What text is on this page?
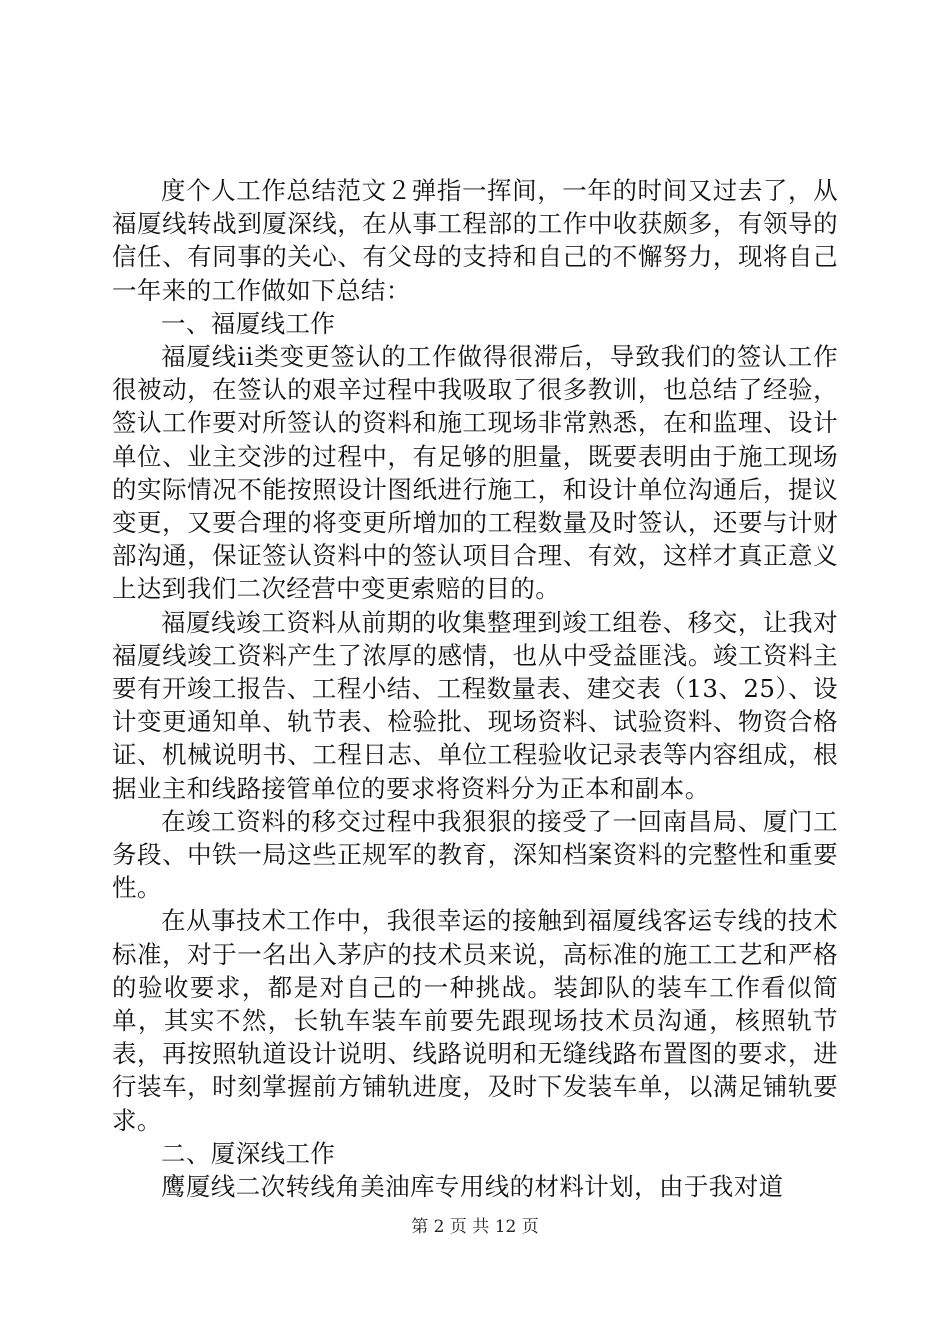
度个人工作总结范文２弹指一挥间，一年的时间又过去了，从福厦线转战到厦深线，在从事工程部的工作中收获颇多，有领导的信任、有同事的关心、有父母的支持和自己的不懈努力，现将自己一年来的工作做如下总结：

一、福厦线工作

福厦线ii类变更签认的工作做得很滞后，导致我们的签认工作很被动，在签认的艰辛过程中我吸取了很多教训，也总结了经验，签认工作要对所签认的资料和施工现场非常熟悉，在和监理、设计单位、业主交涉的过程中，有足够的胆量，既要表明由于施工现场的实际情况不能按照设计图纸进行施工，和设计单位沟通后，提议变更，又要合理的将变更所增加的工程数量及时签认，还要与计财部沟通，保证签认资料中的签认项目合理、有效，这样才真正意义上达到我们二次经营中变更索赔的目的。

福厦线竣工资料从前期的收集整理到竣工组卷、移交，让我对福厦线竣工资料产生了浓厚的感情，也从中受益匪浅。竣工资料主要有开竣工报告、工程小结、工程数量表、建交表（13、25）、设计变更通知单、轨节表、检验批、现场资料、试验资料、物资合格证、机械说明书、工程日志、单位工程验收记录表等内容组成，根据业主和线路接管单位的要求将资料分为正本和副本。

在竣工资料的移交过程中我狠狠的接受了一回南昌局、厦门工务段、中铁一局这些正规军的教育，深知档案资料的完整性和重要性。

在从事技术工作中，我很幸运的接触到福厦线客运专线的技术标准，对于一名出入茅庐的技术员来说，高标准的施工工艺和严格的验收要求，都是对自己的一种挑战。装卸队的装车工作看似简单，其实不然，长轨车装车前要先跟现场技术员沟通，核照轨节表，再按照轨道设计说明、线路说明和无缝线路布置图的要求，进行装车，时刻掌握前方铺轨进度，及时下发装车单，以满足铺轨要求。

二、厦深线工作

鹰厦线二次转线角美油库专用线的材料计划，由于我对道

第 2 页 共 12 页
